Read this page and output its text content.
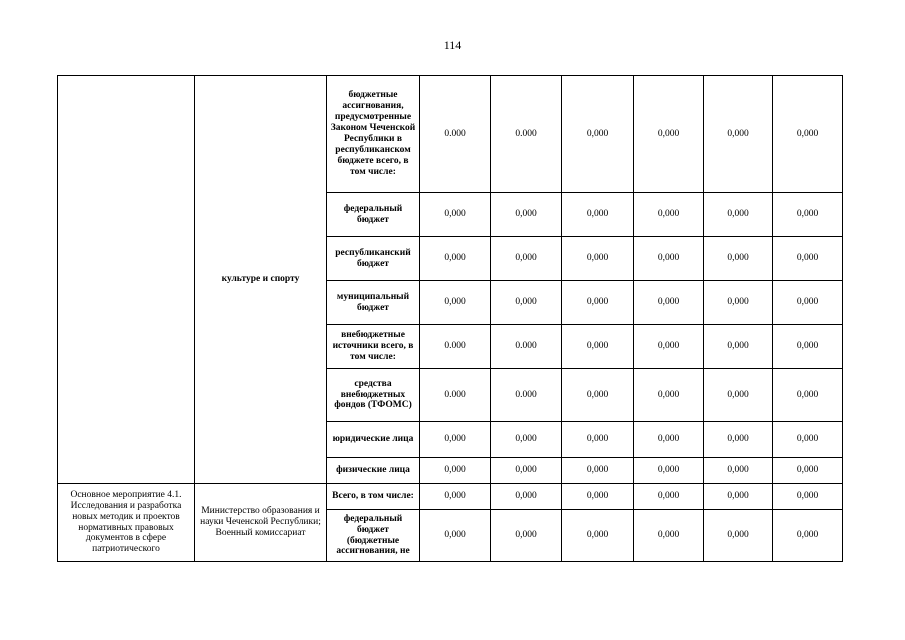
114
	культуре и спорту	бюджетные ассигнования, предусмотренные Законом Чеченской Республики в республиканском бюджете всего, в том числе:	0.000	0.000	0,000	0,000	0,000	0,000
		федеральный бюджет	0,000	0,000	0,000	0,000	0,000	0,000
		республиканский бюджет	0,000	0,000	0,000	0,000	0,000	0,000
		муниципальный бюджет	0,000	0,000	0,000	0,000	0,000	0,000
		внебюджетные источники всего, в том числе:	0.000	0.000	0,000	0,000	0,000	0,000
		средства внебюджетных фондов (ТФОМС)	0.000	0.000	0,000	0,000	0,000	0,000
		юридические лица	0,000	0,000	0,000	0,000	0,000	0,000
		физические лица	0,000	0,000	0,000	0,000	0,000	0,000
Основное мероприятие 4.1. Исследования и разработка новых методик и проектов нормативных правовых документов в сфере патриотического	Министерство образования и науки Чеченской Республики; Военный комиссариат	Всего, в том числе:	0,000	0,000	0,000	0,000	0,000	0,000
		федеральный бюджет (бюджетные ассигнования, не	0,000	0,000	0,000	0,000	0,000	0,000
